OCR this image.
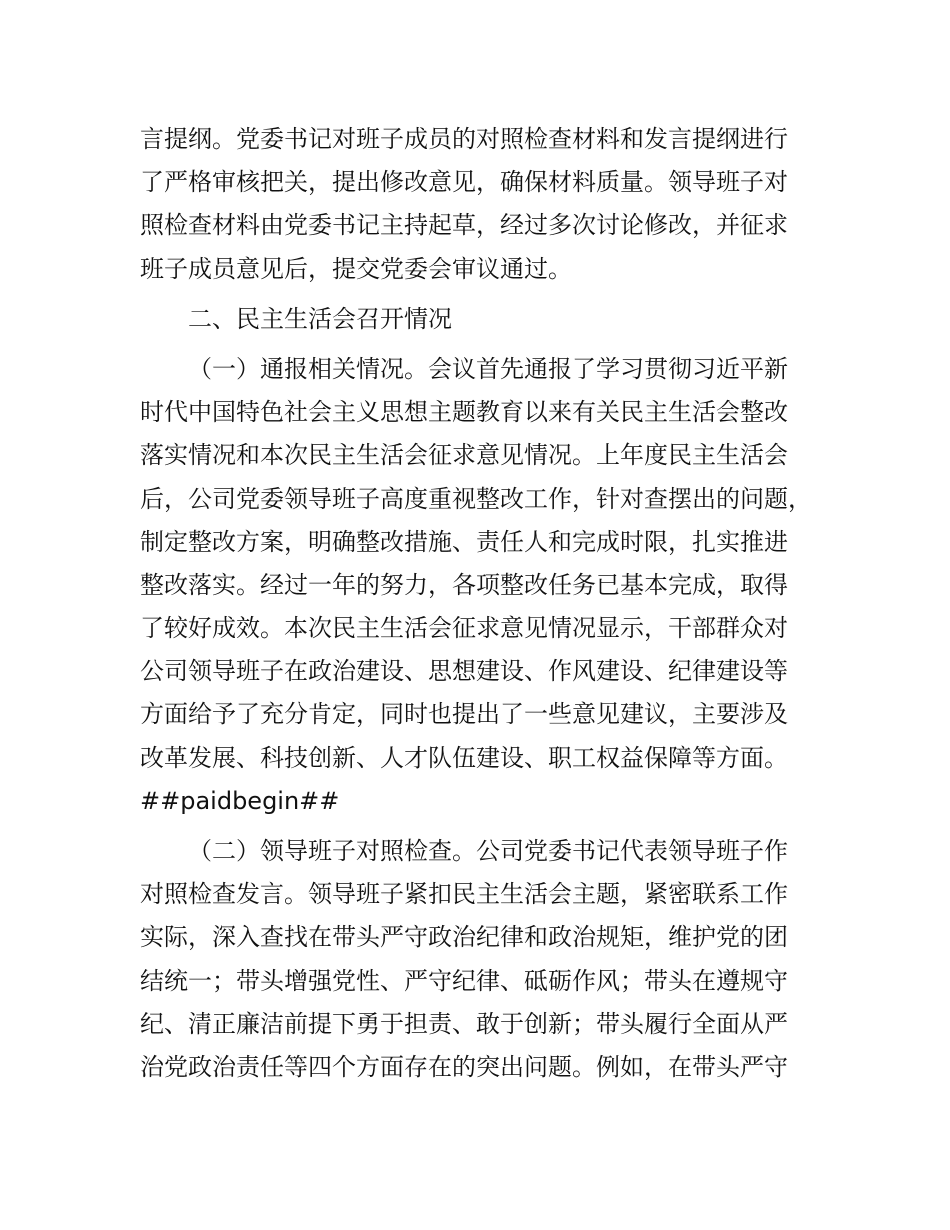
言提纲。党委书记对班子成员的对照检查材料和发言提纲进行
了严格审核把关，提出修改意见，确保材料质量。领导班子对
照检查材料由党委书记主持起草，经过多次讨论修改，并征求
班子成员意见后，提交党委会审议通过。
二、民主生活会召开情况
（一）通报相关情况。会议首先通报了学习贯彻习近平新
时代中国特色社会主义思想主题教育以来有关民主生活会整改
落实情况和本次民主生活会征求意见情况。上年度民主生活会
后，公司党委领导班子高度重视整改工作，针对查摆出的问题，
制定整改方案，明确整改措施、责任人和完成时限，扎实推进
整改落实。经过一年的努力，各项整改任务已基本完成，取得
了较好成效。本次民主生活会征求意见情况显示，干部群众对
公司领导班子在政治建设、思想建设、作风建设、纪律建设等
方面给予了充分肯定，同时也提出了一些意见建议，主要涉及
改革发展、科技创新、人才队伍建设、职工权益保障等方面。
##paidbegin##
（二）领导班子对照检查。公司党委书记代表领导班子作
对照检查发言。领导班子紧扣民主生活会主题，紧密联系工作
实际，深入查找在带头严守政治纪律和政治规矩，维护党的团
结统一；带头增强党性、严守纪律、砥砺作风；带头在遵规守
纪、清正廉洁前提下勇于担责、敢于创新；带头履行全面从严
治党政治责任等四个方面存在的突出问题。例如，在带头严守
